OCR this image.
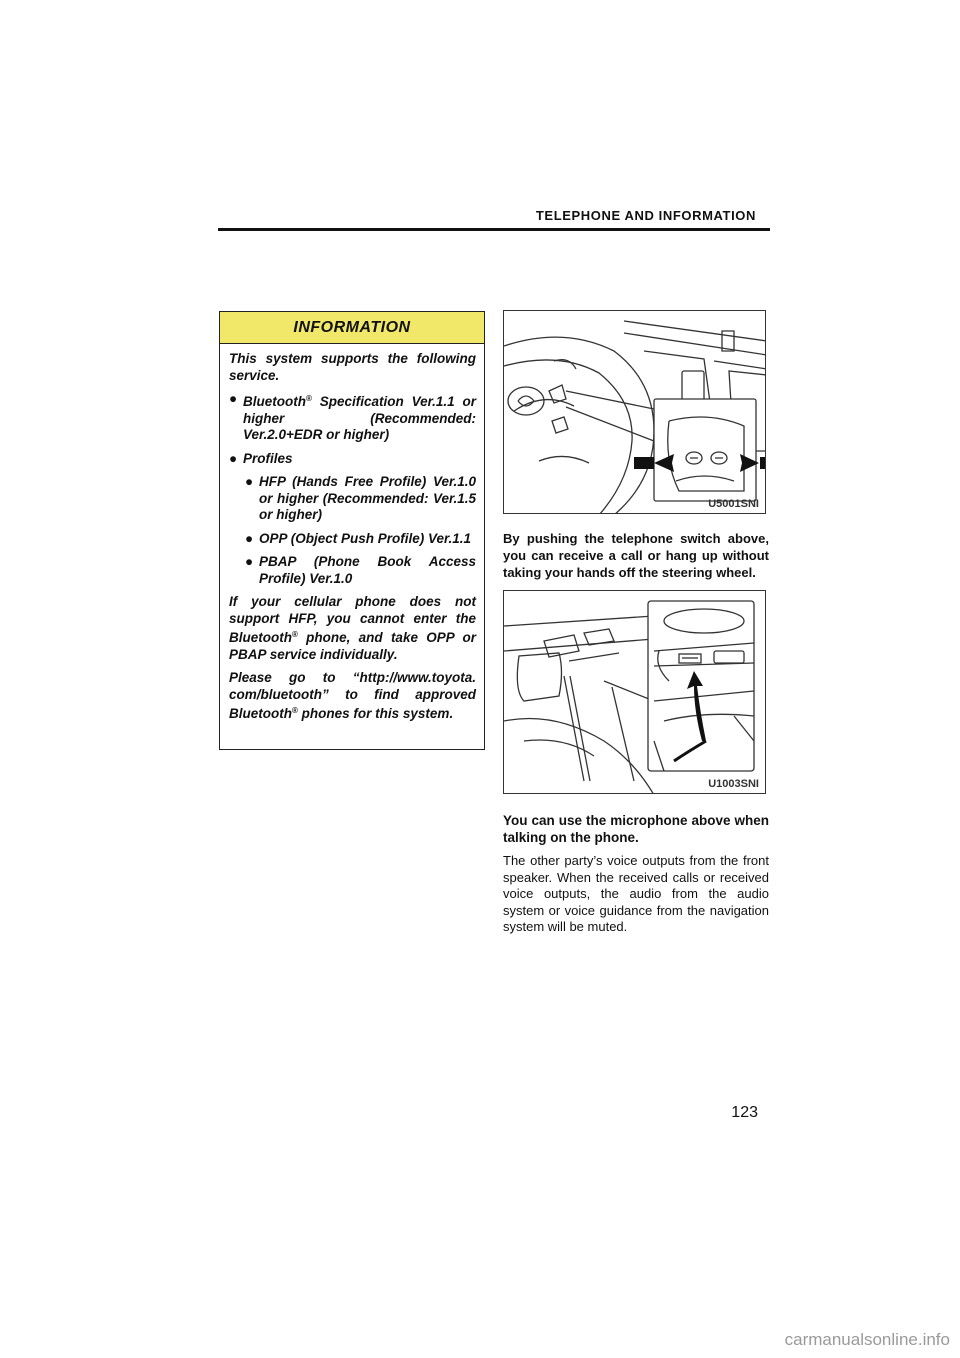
TELEPHONE AND INFORMATION
INFORMATION

This system supports the following service.

● Bluetooth® Specification Ver.1.1 or higher (Recommended: Ver.2.0+EDR or higher)
● Profiles
● HFP (Hands Free Profile) Ver.1.0 or higher (Recommended: Ver.1.5 or higher)
● OPP (Object Push Profile) Ver.1.1
● PBAP (Phone Book Access Profile) Ver.1.0

If your cellular phone does not support HFP, you cannot enter the Bluetooth® phone, and take OPP or PBAP service individually.

Please go to “http://www.toyota. com/bluetooth” to find approved Bluetooth® phones for this system.

U5001SNI
By pushing the telephone switch above, you can receive a call or hang up without taking your hands off the steering wheel.
U1003SNI
You can use the microphone above when talking on the phone.
The other party’s voice outputs from the front speaker. When the received calls or received voice outputs, the audio from the audio system or voice guidance from the navigation system will be muted.
123
carmanualsonline.info
